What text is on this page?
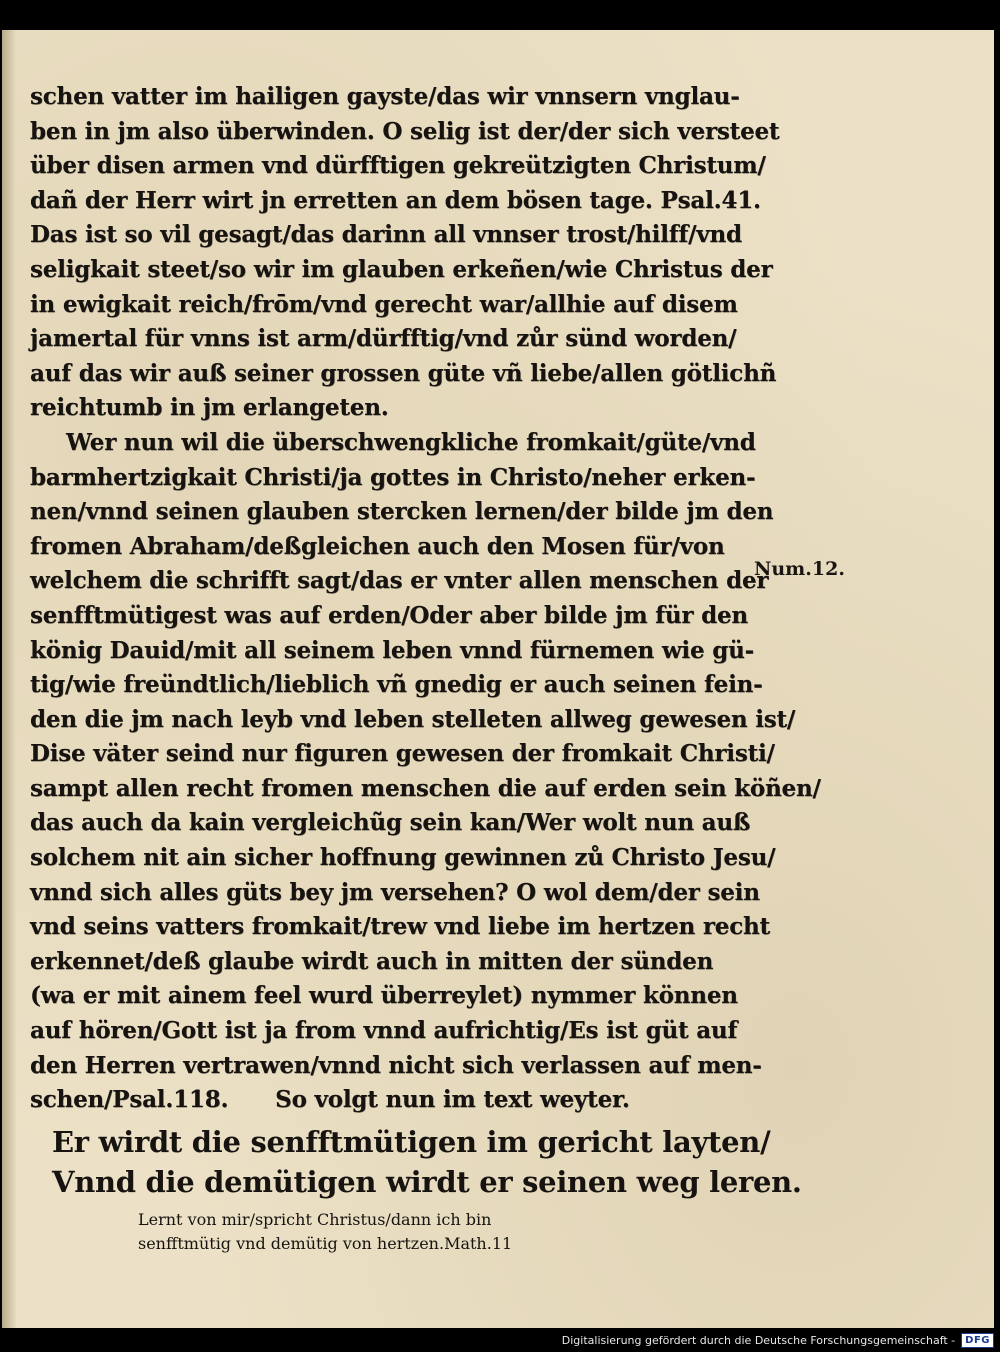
schen vatter im hailigen gayste/das wir vnnsern vnglau-
ben in jm also überwinden. O selig ist der/der sich versteet
über disen armen vnd dürfftigen gekreützigten Christum/
dañ der Herr wirt jn erretten an dem bösen tage. Psal.41.
Das ist so vil gesagt/das darinn all vnnser trost/hilff/vnd
seligkait steet/so wir im glauben erkeñen/wie Christus der
in ewigkait reich/frōm/vnd gerecht war/allhie auf disem
jamertal für vnns ist arm/dürfftig/vnd zůr sünd worden/
auf das wir auß seiner grossen güte vñ liebe/allen götlichñ
reichtumb in jm erlangeten.
Wer nun wil die überschwengkliche fromkait/güte/vnd
barmhertzigkait Christi/ja gottes in Christo/neher erken-
nen/vnnd seinen glauben stercken lernen/der bilde jm den
fromen Abraham/deßgleichen auch den Mosen für/von
welchem die schrifft sagt/das er vnter allen menschen der
senfftmütigest was auf erden/Oder aber bilde jm für den
könig Dauid/mit all seinem leben vnnd fürnemen wie gü-
tig/wie freündtlich/lieblich vñ gnedig er auch seinen fein-
den die jm nach leyb vnd leben stelleten allweg gewesen ist/
Dise väter seind nur figuren gewesen der fromkait Christi/
sampt allen recht fromen menschen die auf erden sein köñen/
das auch da kain vergleichũg sein kan/Wer wolt nun auß
solchem nit ain sicher hoffnung gewinnen zů Christo Jesu/
vnnd sich alles güts bey jm versehen? O wol dem/der sein
vnd seins vatters fromkait/trew vnd liebe im hertzen recht
erkennet/deß glaube wirdt auch in mitten der sünden
(wa er mit ainem feel wurd überreylet) nymmer können
auf hören/Gott ist ja from vnnd aufrichtig/Es ist güt auf
den Herren vertrawen/vnnd nicht sich verlassen auf men-
schen/Psal.118.      So volgt nun im text weyter.
Er wirdt die senfftmütigen im gericht layten/
Vnnd die demütigen wirdt er seinen weg leren.
Lernt von mir/spricht Christus/dann ich bin
senfftmütig vnd demütig von hertzen.Math.11
Num.12.
Digitalisierung gefördert durch die Deutsche Forschungsgemeinschaft -	DFG
